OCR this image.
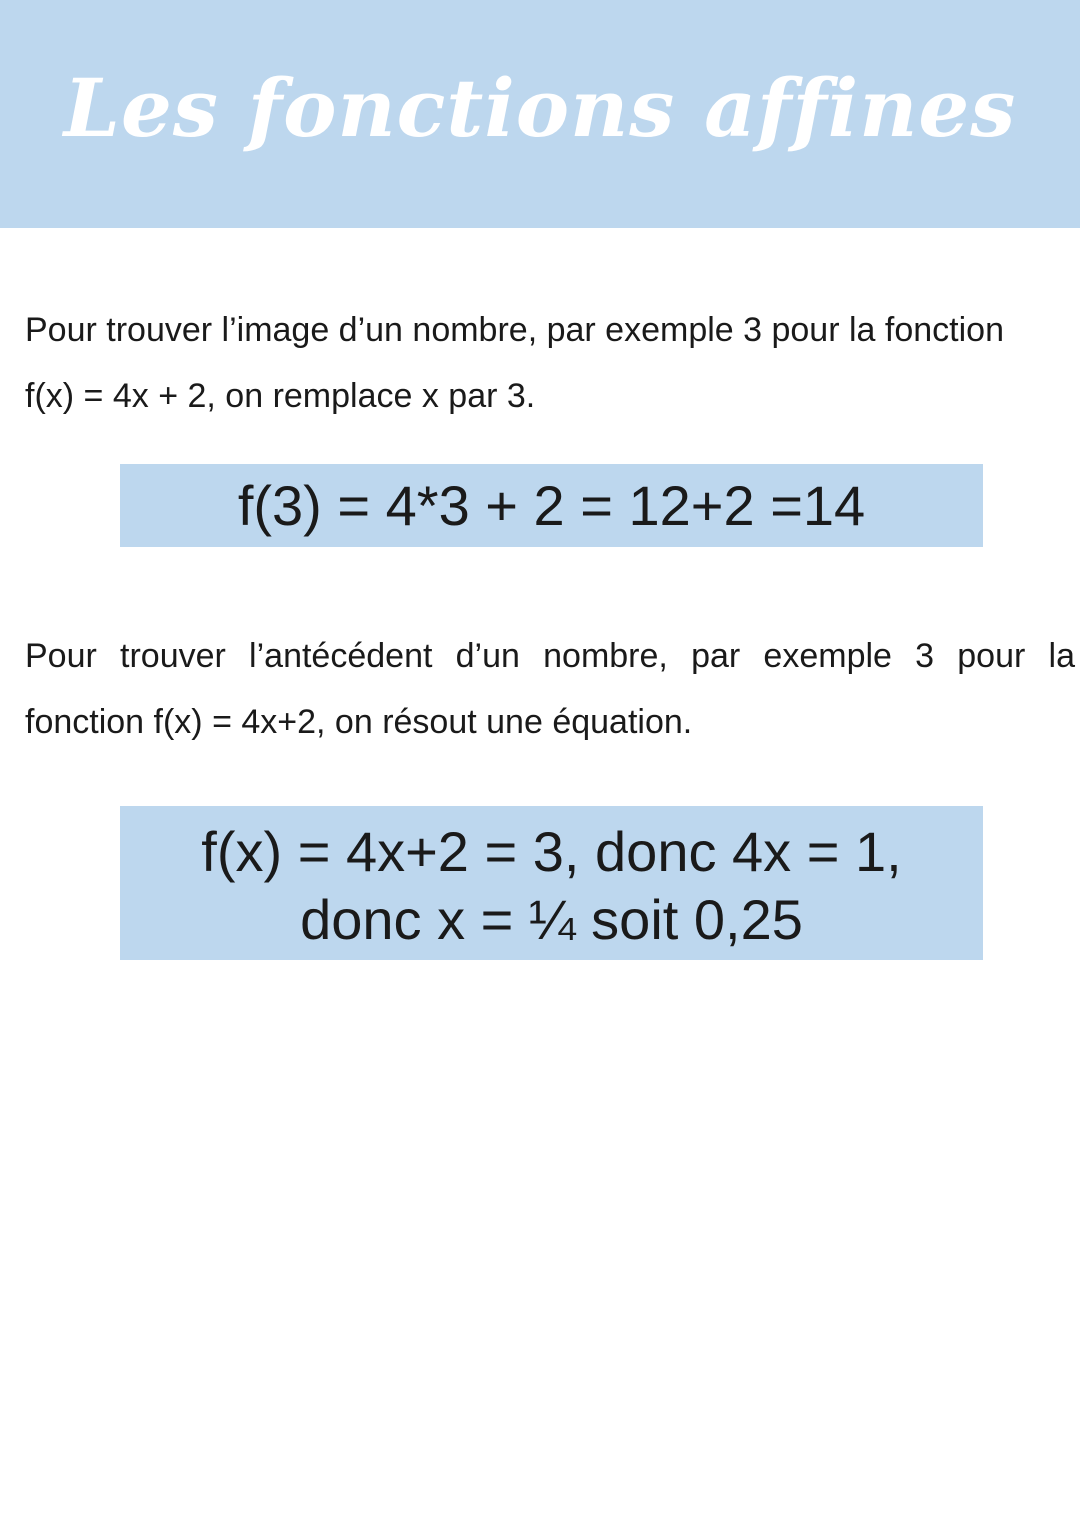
Les fonctions affines

Pour trouver l’image d’un nombre, par exemple 3 pour la fonction
f(x) = 4x + 2, on remplace x par 3.

f(3) = 4*3 + 2 = 12+2 =14

Pour trouver l’antécédent d’un nombre, par exemple 3 pour la
fonction f(x) = 4x+2, on résout une équation.

f(x) = 4x+2 = 3, donc 4x = 1,
donc x = ¼ soit 0,25
